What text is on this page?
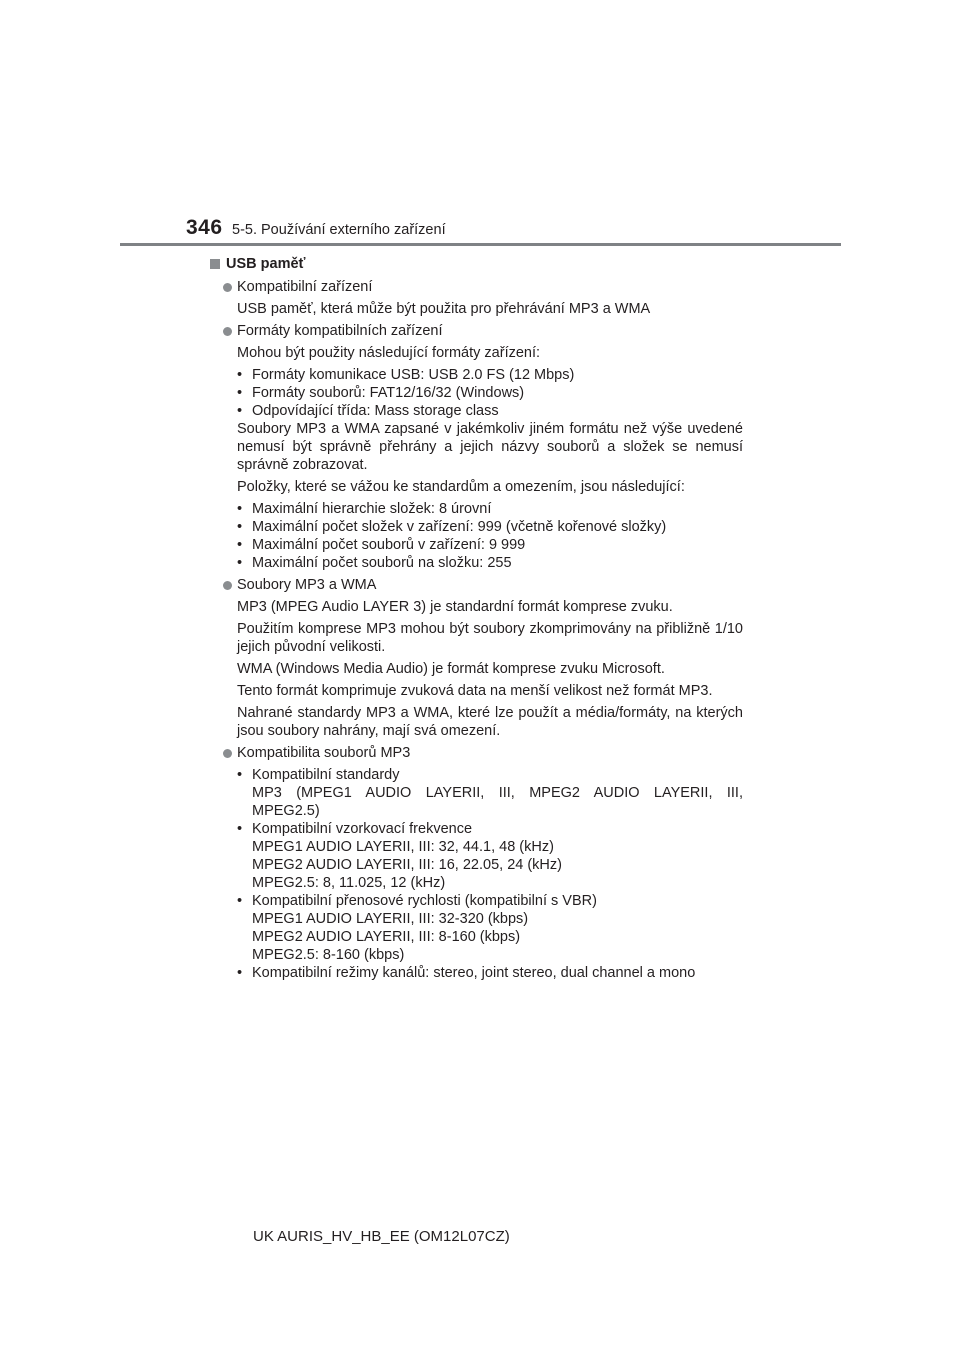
346 5-5. Používání externího zařízení
USB paměť
Kompatibilní zařízení
USB paměť, která může být použita pro přehrávání MP3 a WMA
Formáty kompatibilních zařízení
Mohou být použity následující formáty zařízení:
• Formáty komunikace USB: USB 2.0 FS (12 Mbps)
• Formáty souborů: FAT12/16/32 (Windows)
• Odpovídající třída: Mass storage class
Soubory MP3 a WMA zapsané v jakémkoliv jiném formátu než výše uvedené nemusí být správně přehrány a jejich názvy souborů a složek se nemusí správně zobrazovat.
Položky, které se vážou ke standardům a omezením, jsou následující:
• Maximální hierarchie složek: 8 úrovní
• Maximální počet složek v zařízení: 999 (včetně kořenové složky)
• Maximální počet souborů v zařízení: 9 999
• Maximální počet souborů na složku: 255
Soubory MP3 a WMA
MP3 (MPEG Audio LAYER 3) je standardní formát komprese zvuku.
Použitím komprese MP3 mohou být soubory zkomprimovány na přibližně 1/10 jejich původní velikosti.
WMA (Windows Media Audio) je formát komprese zvuku Microsoft.
Tento formát komprimuje zvuková data na menší velikost než formát MP3.
Nahrané standardy MP3 a WMA, které lze použít a média/formáty, na kterých jsou soubory nahrány, mají svá omezení.
Kompatibilita souborů MP3
• Kompatibilní standardy
MP3 (MPEG1 AUDIO LAYERII, III, MPEG2 AUDIO LAYERII, III,
MPEG2.5)
• Kompatibilní vzorkovací frekvence
MPEG1 AUDIO LAYERII, III: 32, 44.1, 48 (kHz)
MPEG2 AUDIO LAYERII, III: 16, 22.05, 24 (kHz)
MPEG2.5: 8, 11.025, 12 (kHz)
• Kompatibilní přenosové rychlosti (kompatibilní s VBR)
MPEG1 AUDIO LAYERII, III: 32-320 (kbps)
MPEG2 AUDIO LAYERII, III: 8-160 (kbps)
MPEG2.5: 8-160 (kbps)
• Kompatibilní režimy kanálů: stereo, joint stereo, dual channel a mono
UK AURIS_HV_HB_EE (OM12L07CZ)
